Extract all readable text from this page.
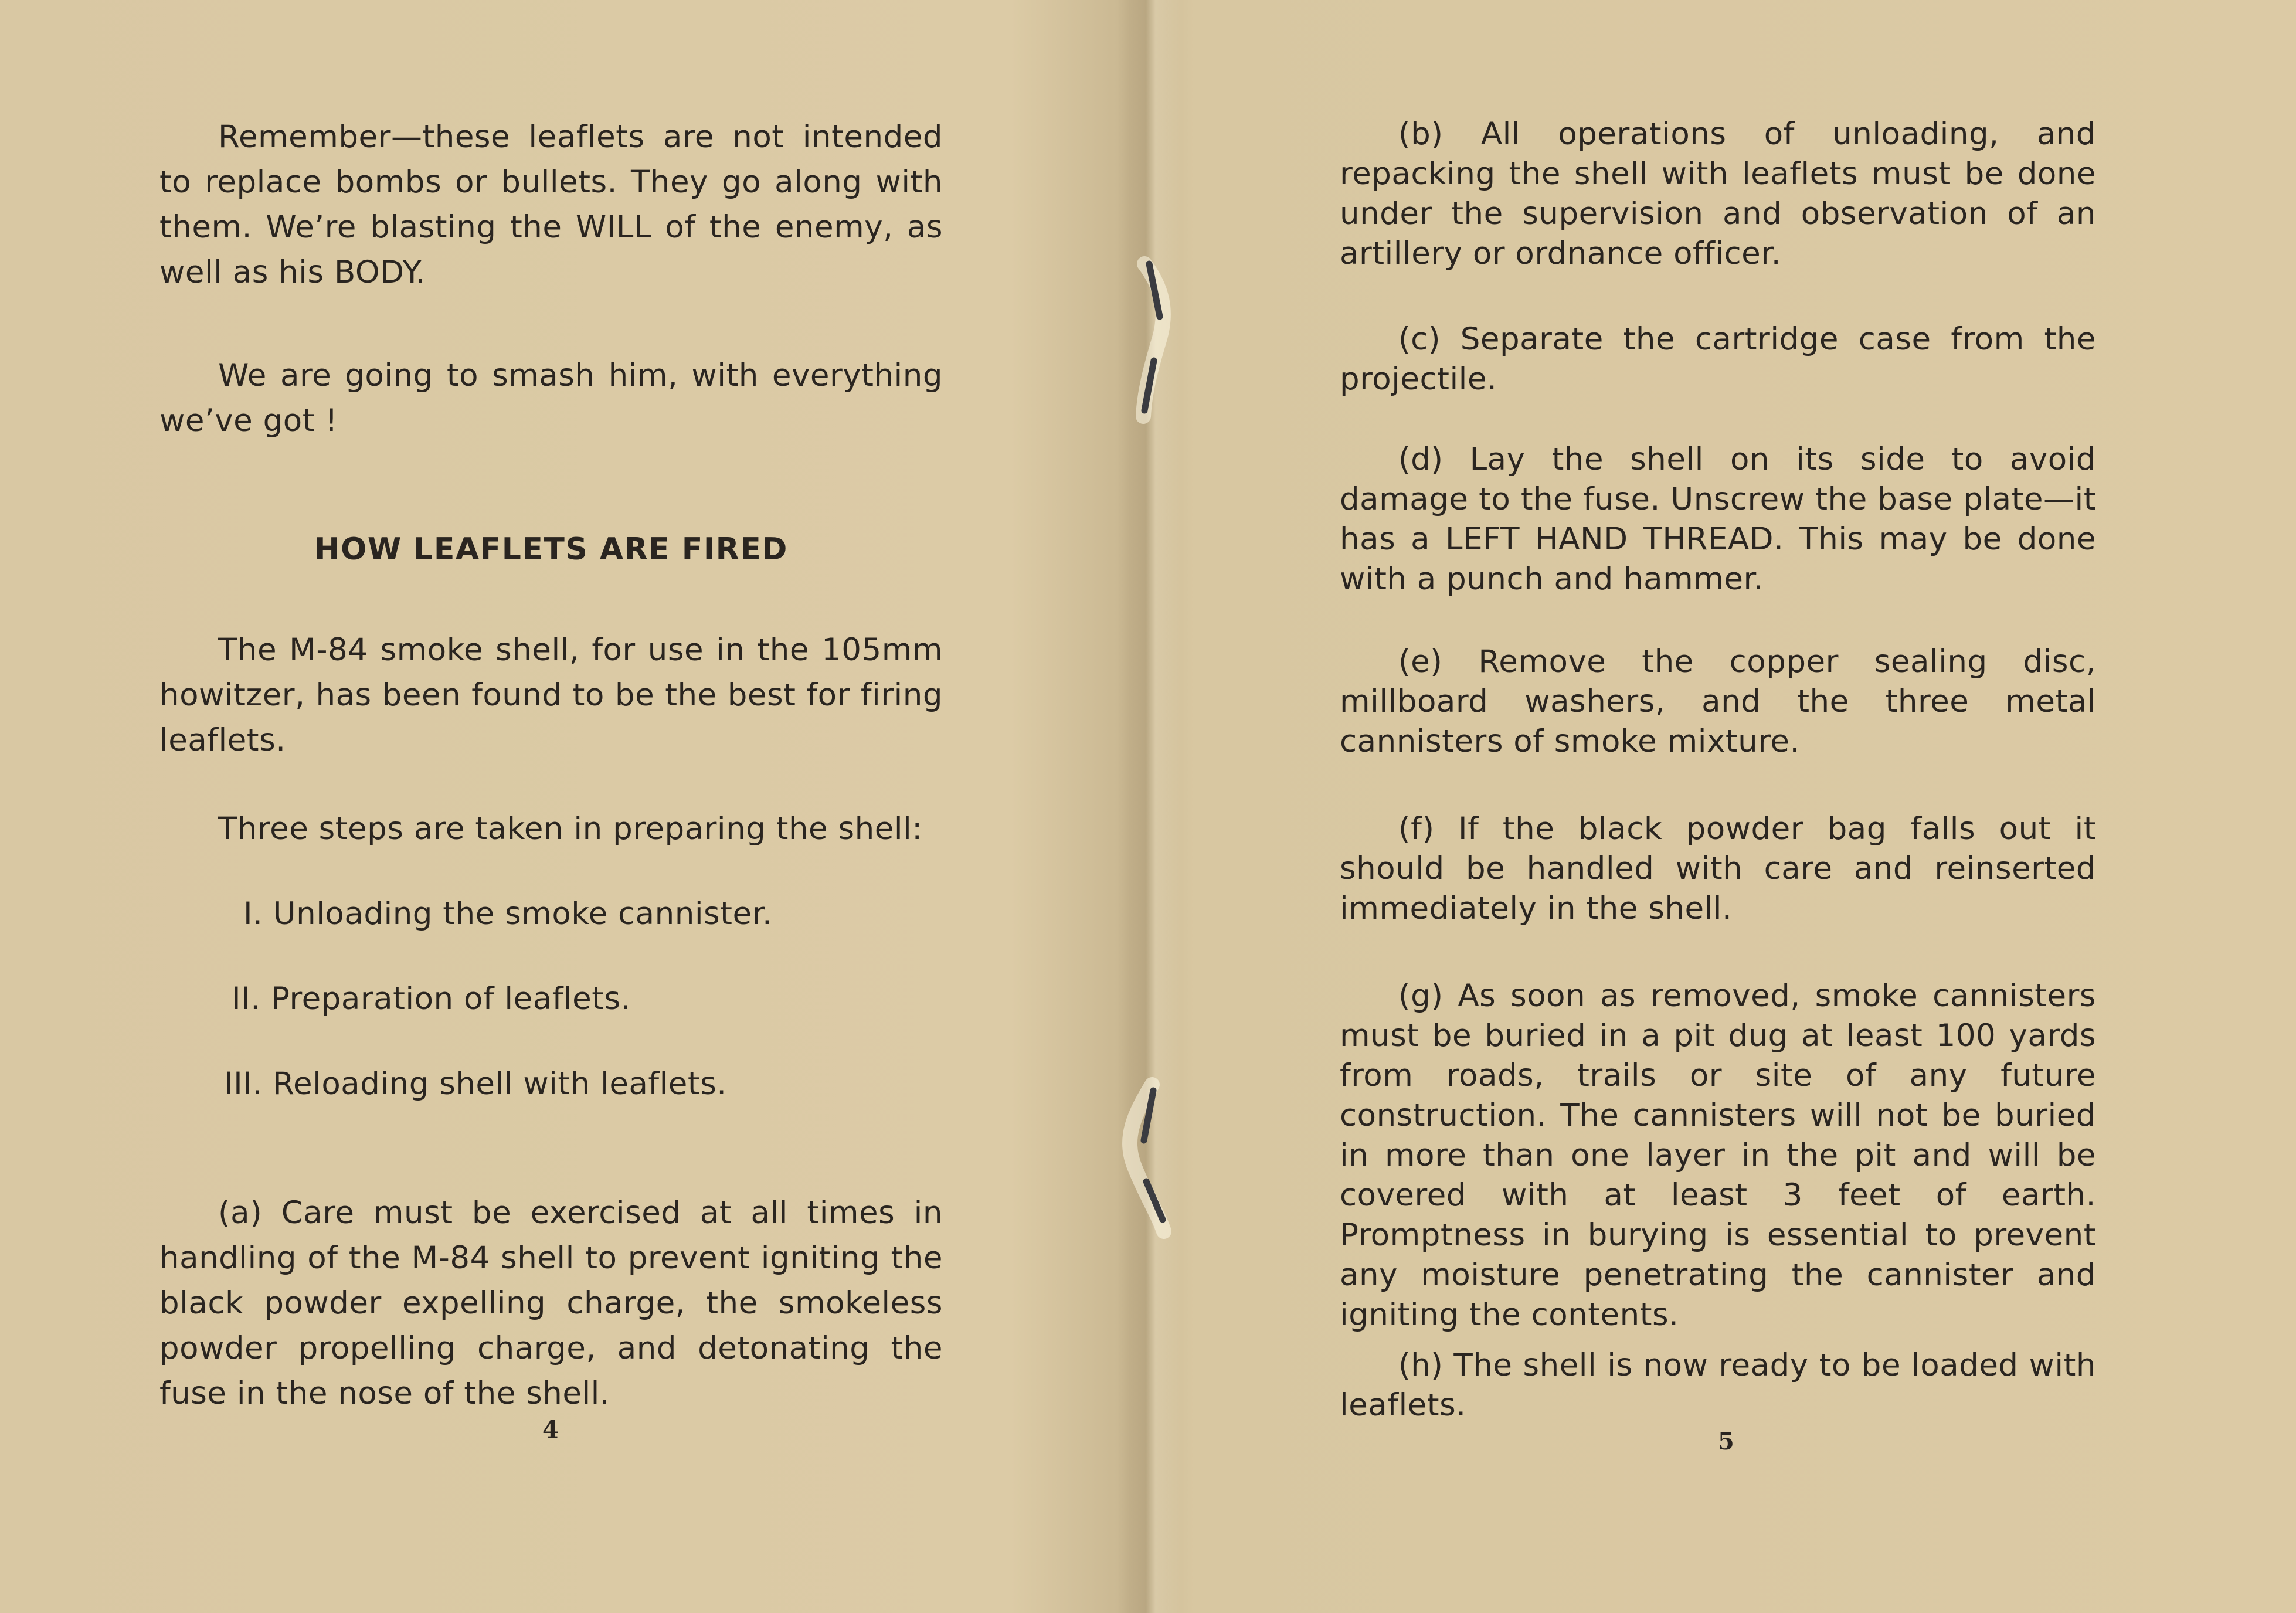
Remember—these leaflets are not intended to replace bombs or bullets. They go along with them. We’re blasting the WILL of the enemy, as well as his BODY.

We are going to smash him, with everything we’ve got !

HOW LEAFLETS ARE FIRED

The M-84 smoke shell, for use in the 105mm howitzer, has been found to be the best for firing leaflets.

Three steps are taken in preparing the shell:

I. Unloading the smoke cannister.

II. Preparation of leaflets.

III. Reloading shell with leaflets.

(a) Care must be exercised at all times in handling of the M-84 shell to prevent igniting the black powder expelling charge, the smokeless powder propelling charge, and detonating the fuse in the nose of the shell.

4

(b) All operations of unloading, and repacking the shell with leaflets must be done under the supervision and observation of an artillery or ordnance officer.

(c) Separate the cartridge case from the projectile.

(d) Lay the shell on its side to avoid damage to the fuse. Unscrew the base plate—it has a LEFT HAND THREAD. This may be done with a punch and hammer.

(e) Remove the copper sealing disc, millboard washers, and the three metal cannisters of smoke mixture.

(f) If the black powder bag falls out it should be handled with care and reinserted immediately in the shell.

(g) As soon as removed, smoke cannisters must be buried in a pit dug at least 100 yards from roads, trails or site of any future construction. The cannisters will not be buried in more than one layer in the pit and will be covered with at least 3 feet of earth. Promptness in burying is essential to prevent any moisture penetrating the cannister and igniting the contents.

(h) The shell is now ready to be loaded with leaflets.

5
